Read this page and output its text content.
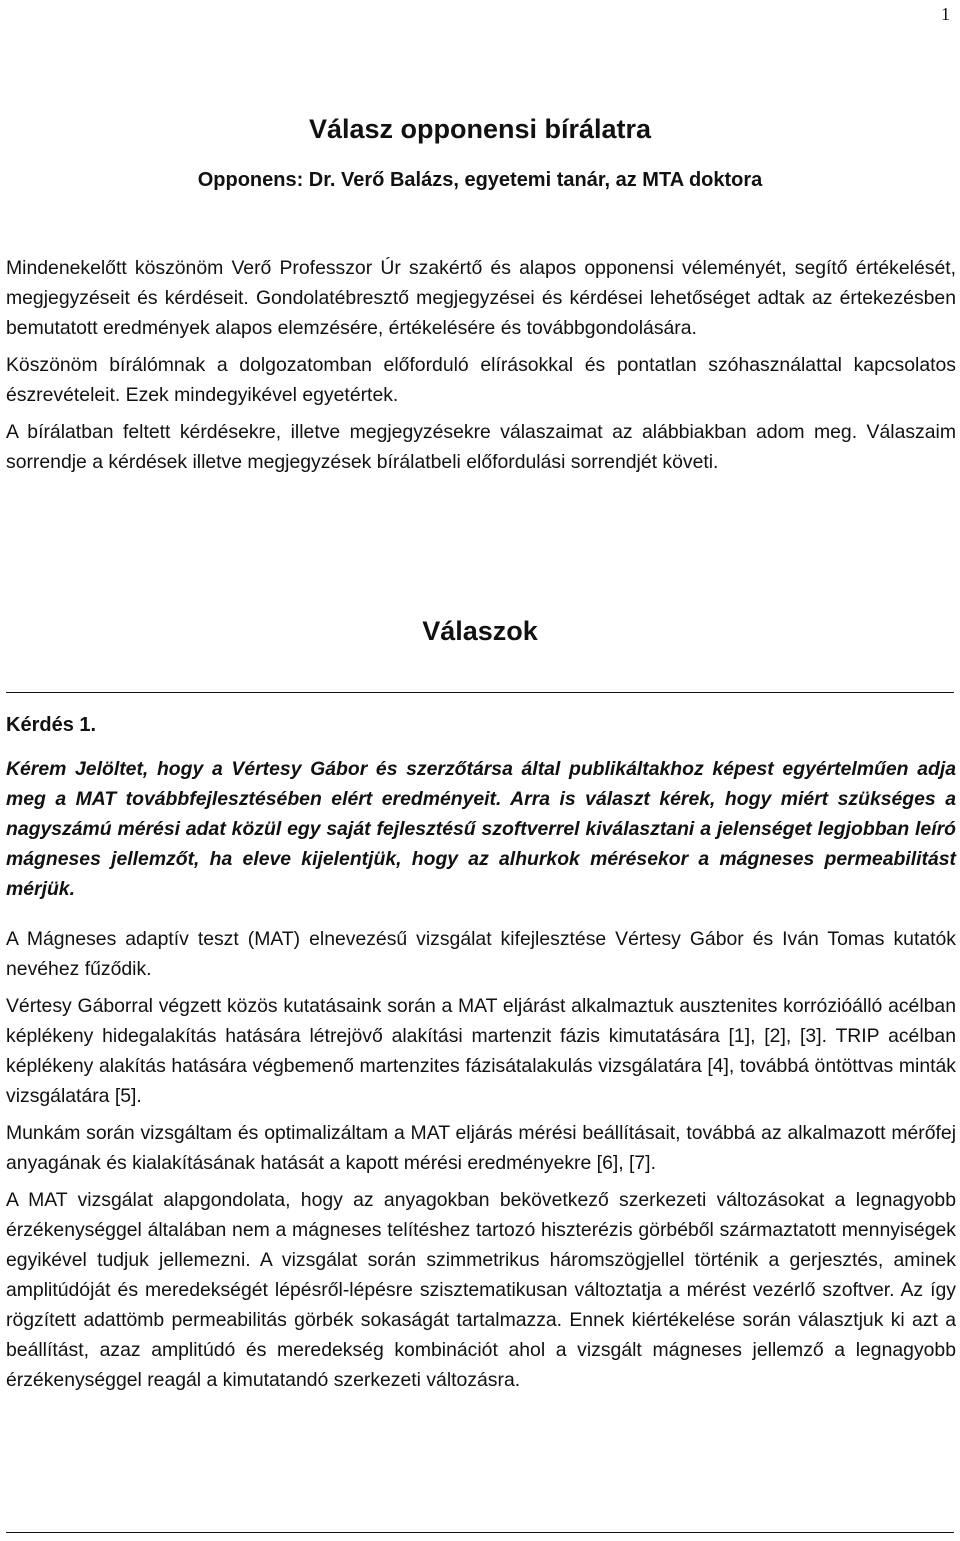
1
Válasz opponensi bírálatra
Opponens: Dr. Verő Balázs, egyetemi tanár, az MTA doktora

Mindenekelőtt köszönöm Verő Professzor Úr szakértő és alapos opponensi véleményét, segítő értékelését, megjegyzéseit és kérdéseit. Gondolatébresztő megjegyzései és kérdései lehetőséget adtak az értekezésben bemutatott eredmények alapos elemzésére, értékelésére és továbbgondolására.

Köszönöm bírálómnak a dolgozatomban előforduló elírásokkal és pontatlan szóhasználattal kapcsolatos észrevételeit. Ezek mindegyikével egyetértek.

A bírálatban feltett kérdésekre, illetve megjegyzésekre válaszaimat az alábbiakban adom meg. Válaszaim sorrendje a kérdések illetve megjegyzések bírálatbeli előfordulási sorrendjét követi.

Válaszok
Kérdés 1.

Kérem Jelöltet, hogy a Vértesy Gábor és szerzőtársa által publikáltakhoz képest egyértelműen adja meg a MAT továbbfejlesztésében elért eredményeit. Arra is választ kérek, hogy miért szükséges a nagyszámú mérési adat közül egy saját fejlesztésű szoftverrel kiválasztani a jelenséget legjobban leíró mágneses jellemzőt, ha eleve kijelentjük, hogy az alhurkok mérésekor a mágneses permeabilitást mérjük.

A Mágneses adaptív teszt (MAT) elnevezésű vizsgálat kifejlesztése Vértesy Gábor és Iván Tomas kutatók nevéhez fűződik.

Vértesy Gáborral végzett közös kutatásaink során a MAT eljárást alkalmaztuk ausztenites korrózióálló acélban képlékeny hidegalakítás hatására létrejövő alakítási martenzit fázis kimutatására [1], [2], [3]. TRIP acélban képlékeny alakítás hatására végbemenő martenzites fázisátalakulás vizsgálatára [4], továbbá öntöttvas minták vizsgálatára [5].

Munkám során vizsgáltam és optimalizáltam a MAT eljárás mérési beállításait, továbbá az alkalmazott mérőfej anyagának és kialakításának hatását a kapott mérési eredményekre [6], [7].

A MAT vizsgálat alapgondolata, hogy az anyagokban bekövetkező szerkezeti változásokat a legnagyobb érzékenységgel általában nem a mágneses telítéshez tartozó hiszterézis görbéből származtatott mennyiségek egyikével tudjuk jellemezni. A vizsgálat során szimmetrikus háromszögjellel történik a gerjesztés, aminek amplitúdóját és meredekségét lépésről-lépésre szisztematikusan változtatja a mérést vezérlő szoftver. Az így rögzített adattömb permeabilitás görbék sokaságát tartalmazza. Ennek kiértékelése során választjuk ki azt a beállítást, azaz amplitúdó és meredekség kombinációt ahol a vizsgált mágneses jellemző a legnagyobb érzékenységgel reagál a kimutatandó szerkezeti változásra.
